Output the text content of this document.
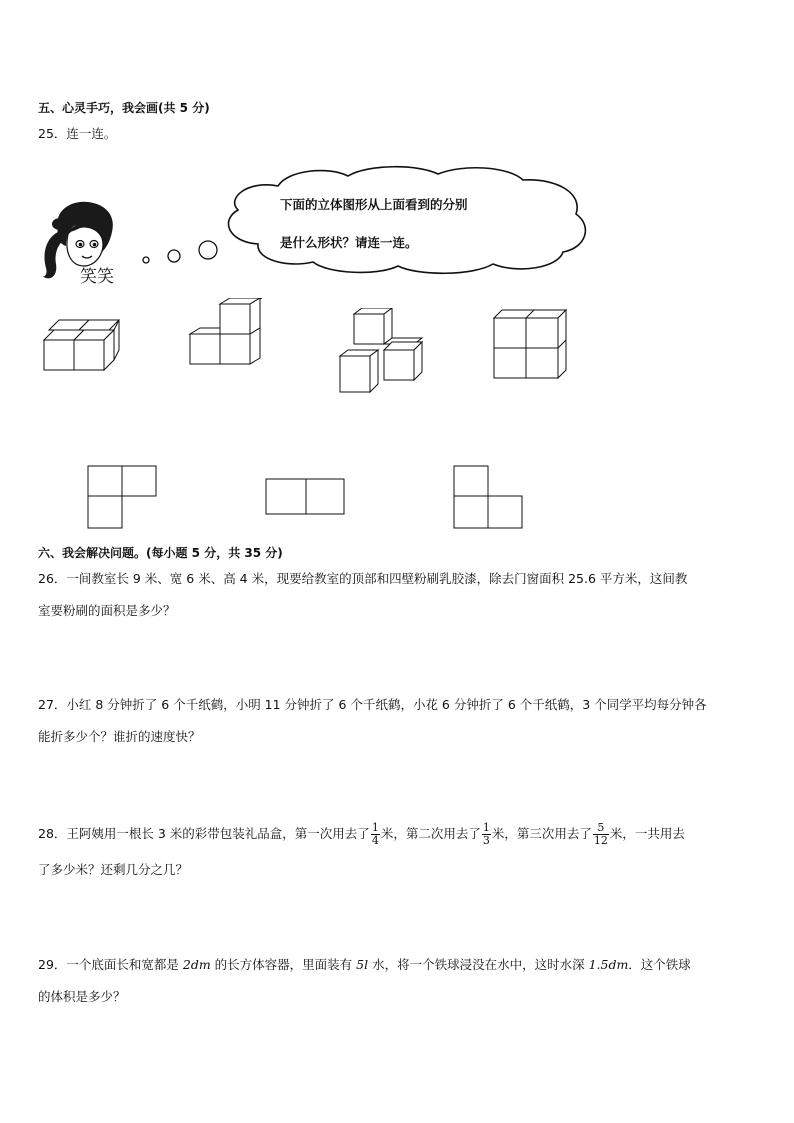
五、心灵手巧，我会画(共 5 分)
25．连一连。
笑笑
下面的立体图形从上面看到的分别
是什么形状？请连一连。
六、我会解决问题。(每小题 5 分，共 35 分)
26．一间教室长 9 米、宽 6 米、高 4 米，现要给教室的顶部和四壁粉刷乳胶漆，除去门窗面积 25.6 平方米，这间教
室要粉刷的面积是多少？
27．小红 8 分钟折了 6 个千纸鹤，小明 11 分钟折了 6 个千纸鹤，小花 6 分钟折了 6 个千纸鹤，3 个同学平均每分钟各
能折多少个？谁折的速度快？
28．王阿姨用一根长 3 米的彩带包装礼品盒，第一次用去了 $\frac{1}{4}$ 米，第二次用去了 $\frac{1}{3}$ 米，第三次用去了 $\frac{5}{12}$ 米，一共用去
了多少米？还剩几分之几？
29．一个底面长和宽都是 2dm 的长方体容器，里面装有 5l 水，将一个铁球浸没在水中，这时水深 1.5dm．这个铁球
的体积是多少？
